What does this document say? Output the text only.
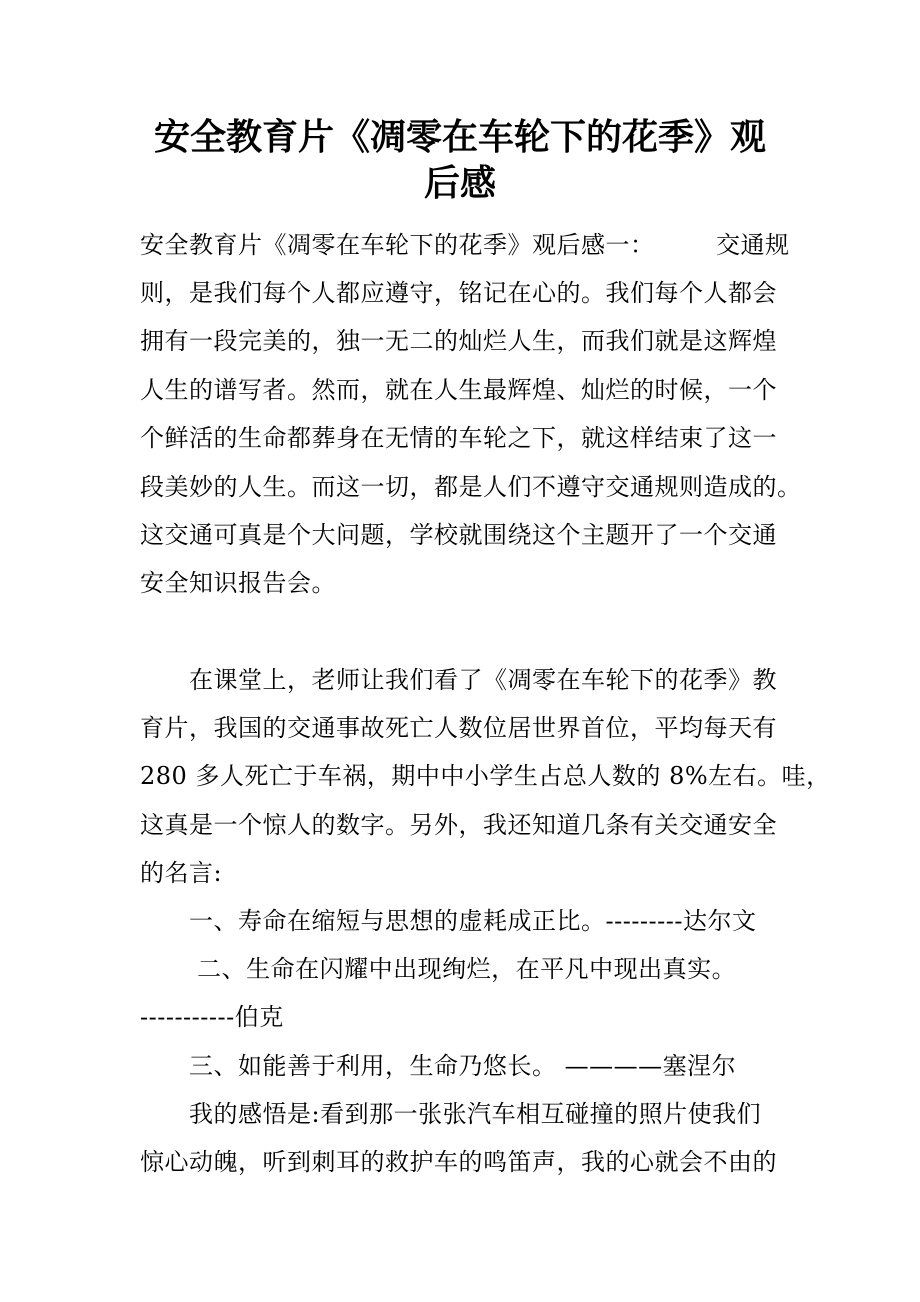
安全教育片《凋零在车轮下的花季》观
后感
安全教育片《凋零在车轮下的花季》观后感一：　　　交通规
则，是我们每个人都应遵守，铭记在心的。我们每个人都会
拥有一段完美的，独一无二的灿烂人生，而我们就是这辉煌
人生的谱写者。然而，就在人生最辉煌、灿烂的时候，一个
个鲜活的生命都葬身在无情的车轮之下，就这样结束了这一
段美妙的人生。而这一切，都是人们不遵守交通规则造成的。
这交通可真是个大问题，学校就围绕这个主题开了一个交通
安全知识报告会。
　　在课堂上，老师让我们看了《凋零在车轮下的花季》教
育片，我国的交通事故死亡人数位居世界首位，平均每天有
280 多人死亡于车祸，期中中小学生占总人数的 8%左右。哇，
这真是一个惊人的数字。另外，我还知道几条有关交通安全
的名言:
　　一、寿命在缩短与思想的虚耗成正比。---------达尔文
　　 二、生命在闪耀中出现绚烂，在平凡中现出真实。
-----------伯克
　　三、如能善于利用，生命乃悠长。 ————塞涅尔
　　我的感悟是:看到那一张张汽车相互碰撞的照片使我们
惊心动魄，听到刺耳的救护车的鸣笛声，我的心就会不由的
